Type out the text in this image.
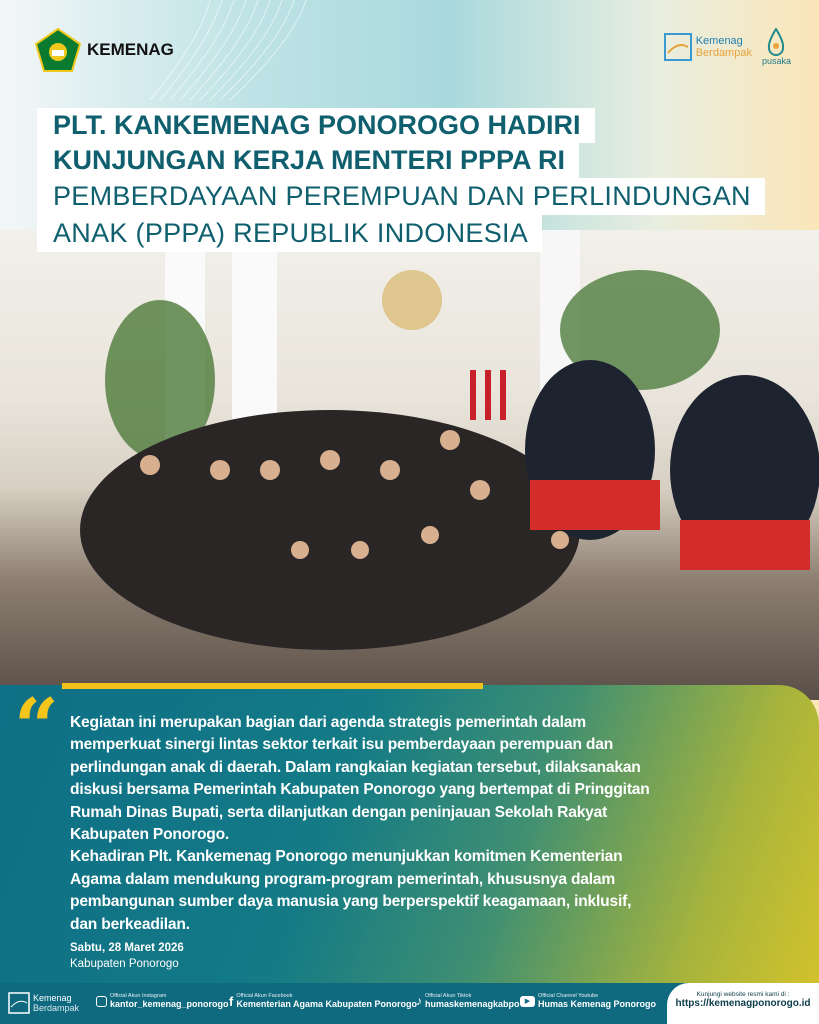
KEMENAG	Kemenag
Berdampak
pusaka
PLT. KANKEMENAG PONOROGO HADIRI
KUNJUNGAN KERJA MENTERI PPPA RI
PEMBERDAYAAN PEREMPUAN DAN PERLINDUNGAN
ANAK (PPPA) REPUBLIK INDONESIA
“ Kegiatan ini merupakan bagian dari agenda strategis pemerintah dalam
memperkuat sinergi lintas sektor terkait isu pemberdayaan perempuan dan
perlindungan anak di daerah. Dalam rangkaian kegiatan tersebut, dilaksanakan
diskusi bersama Pemerintah Kabupaten Ponorogo yang bertempat di Pringgitan
Rumah Dinas Bupati, serta dilanjutkan dengan peninjauan Sekolah Rakyat
Kabupaten Ponorogo.
Kehadiran Plt. Kankemenag Ponorogo menunjukkan komitmen Kementerian
Agama dalam mendukung program-program pemerintah, khususnya dalam
pembangunan sumber daya manusia yang berperspektif keagamaan, inklusif,
dan berkeadilan.
Sabtu, 28 Maret 2026
Kabupaten Ponorogo
Kemenag
Berdampak
Official Akun Instagram
kantor_kemenag_ponorogo f Official Akun Facebook
Kementerian Agama Kabupaten Ponorogo
♪ Official Akun Tiktok
humaskemenagkabpo ▶
Official Channel Youtube
Humas Kemenag Ponorogo
Kunjungi website resmi kami di :
https://kemenagponorogo.id
